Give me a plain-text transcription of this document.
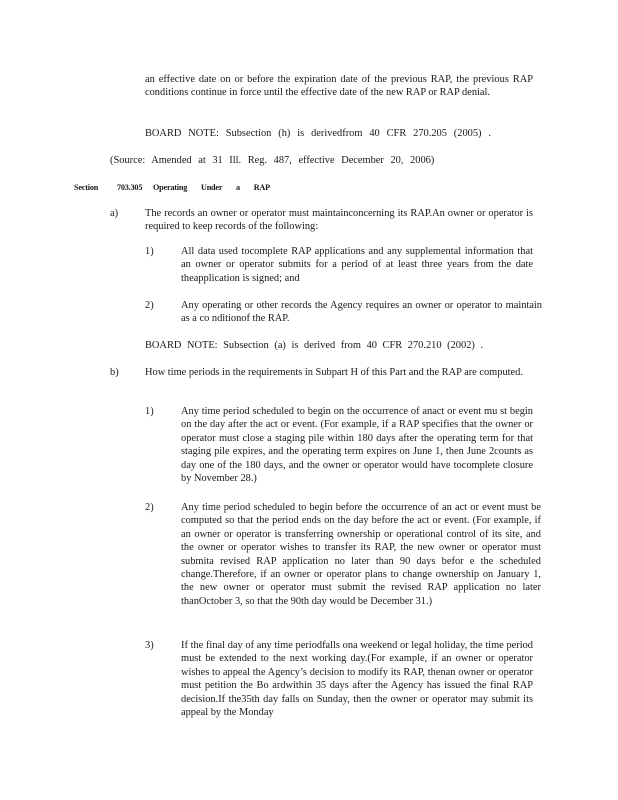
an effective date on or before the expiration date of the previous RAP, the previous RAP conditions continue in force until the effective date of the new RAP or RAP denial.
BOARD NOTE: Subsection (h) is derivedfrom 40 CFR 270.205 (2005) .
(Source: Amended at 31 Ill. Reg. 487, effective December 20, 2006)
Section 703.305 Operating Under a RAP
a)	The records an owner or operator must maintainconcerning its RAP.An owner or operator is required to keep records of the following:
1)	All data used tocomplete RAP applications and any supplemental information that an owner or operator submits for a period of at least three years from the date theapplication is signed; and
2)	Any operating or other records the Agency requires an owner or operator to maintain as a co nditionof the RAP.
BOARD NOTE: Subsection (a) is derived from 40 CFR 270.210 (2002) .
b)	How time periods in the requirements in Subpart H of this Part and the RAP are computed.
1)	Any time period scheduled to begin on the occurrence of anact or event mu st begin on the day after the act or event. (For example, if a RAP specifies that the owner or operator must close a staging pile within 180 days after the operating term for that staging pile expires, and the operating term expires on June 1, then June 2counts as day one of the 180 days, and the owner or operator would have tocomplete closure by November 28.)
2)	Any time period scheduled to begin before the occurrence of an act or event must be computed so that the period ends on the day before the act or event. (For example, if an owner or operator is transferring ownership or operational control of its site, and the owner or operator wishes to transfer its RAP, the new owner or operator must submita revised RAP application no later than 90 days befor e the scheduled change.Therefore, if an owner or operator plans to change ownership on January 1, the new owner or operator must submit the revised RAP application no later thanOctober 3, so that the 90th day would be December 31.)
3)	If the final day of any time periodfalls ona weekend or legal holiday, the time period must be extended to the next working day.(For example, if an owner or operator wishes to appeal the Agency’s decision to modify its RAP, thenan owner or operator must petition the Bo ardwithin 35 days after the Agency has issued the final RAP decision.If the35th day falls on Sunday, then the owner or operator may submit its appeal by the Monday
